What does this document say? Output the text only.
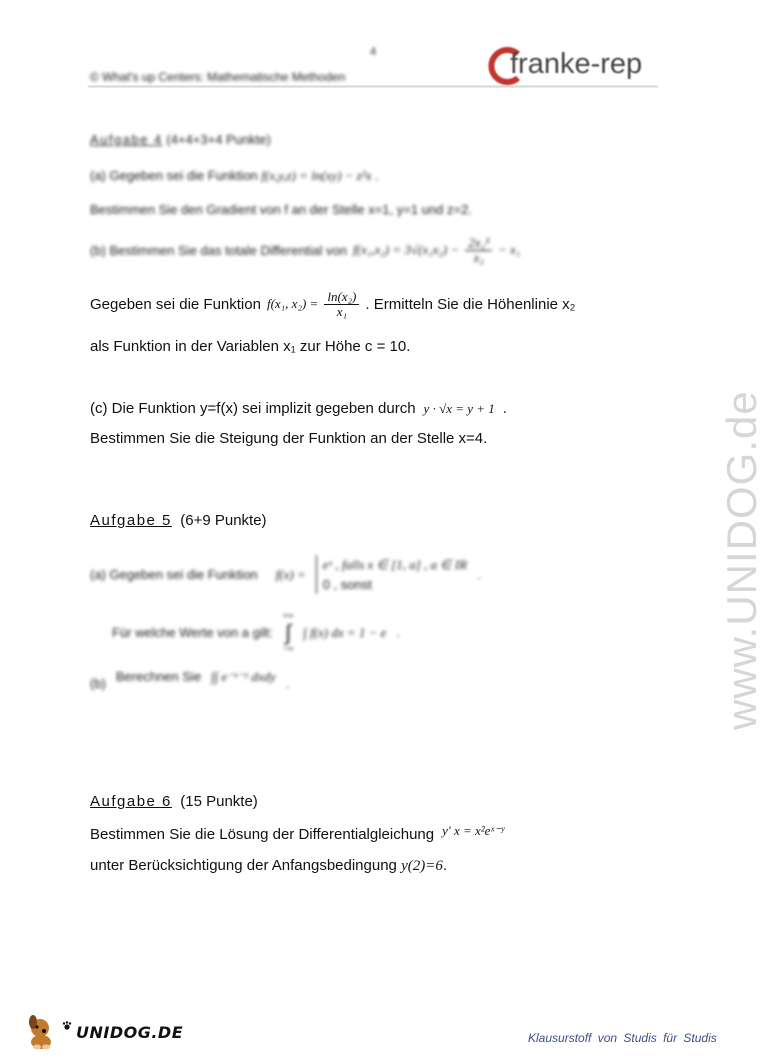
4
© What's up Centers: Mathematische Methoden	franke-rep
Aufgabe 4 (4+4+3+4 Punkte)
(a) Gegeben sei die Funktion f(x,y,z) = ln(xy) − z²x .
Bestimmen Sie den Gradient von f an der Stelle x=1, y=1 und z=2.
(b) Bestimmen Sie das totale Differential von $f(x_1,x_2) = 3√(x_1x_2) - \frac{\text{2x₁³}}{\text{x₂}} - x_1$
Gegeben sei die Funktion f(x₁, $x_2) = \frac{\text{ln(x₂)}}{\text{x₁}}$ . Ermitteln Sie die Höhenlinie x₂
als Funktion in der Variablen x₁ zur Höhe c = 10.
(c) Die Funktion y=f(x) sei implizit gegeben durch y · √x = y + 1 .
Bestimmen Sie die Steigung der Funktion an der Stelle x=4.
Aufgabe 5 (6+9 Punkte)
(a) Gegeben sei die Funktion f(x) =
eˣ , falls x ∈ [1, a] , a ∈ IR
0 , sonst
.
Für welche Werte von a gilt:
+∞
∫
−∞
∫ f(x) dx = 1 − e .
(b) Berechnen Sie ∫∫ e⁻ˣ⁻ʸ dxdy .
Aufgabe 6 (15 Punkte)
Bestimmen Sie die Lösung der Differentialgleichung y′ x = x²eˣ⁻ʸ
unter Berücksichtigung der Anfangsbedingung y(2)=6.
www.UNIDOG.de
UNIDOG.DE	Klausurstoff von Studis für Studis
